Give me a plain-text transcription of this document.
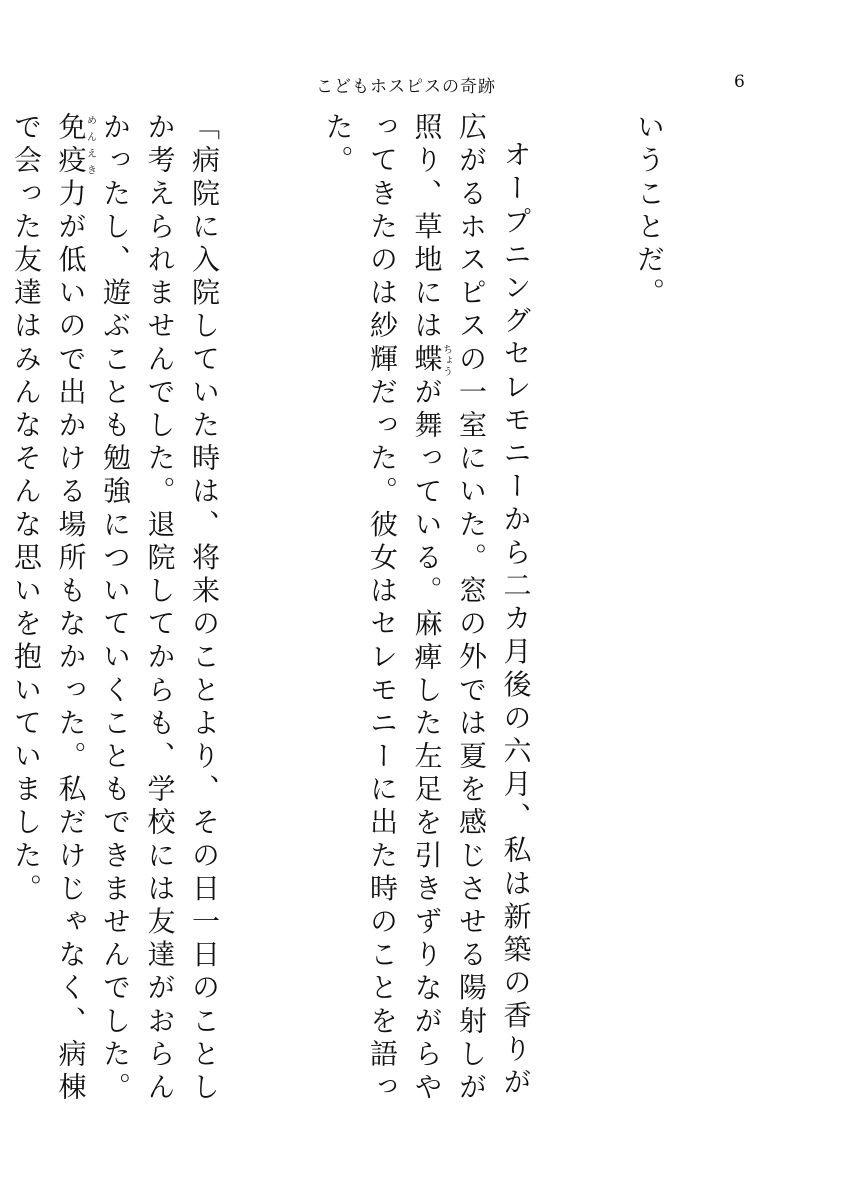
こどもホスピスの奇跡	6

いうことだ。

オープニングセレモニーから二カ月後の六月、私は新築の香りが広がるホスピスの一室にいた。窓の外では夏を感じさせる陽射しが照り、草地には蝶ちょうが舞っている。麻痺した左足を引きずりながらやってきたのは紗輝だった。彼女はセレモニーに出た時のことを語った。

「病院に入院していた時は、将来のことより、その日一日のことしか考えられませんでした。退院してからも、学校には友達がおらんかったし、遊ぶことも勉強についていくこともできませんでした。免疫めんえき力が低いので出かける場所もなかった。私だけじゃなく、病棟で会った友達はみんなそんな思いを抱いていました。
